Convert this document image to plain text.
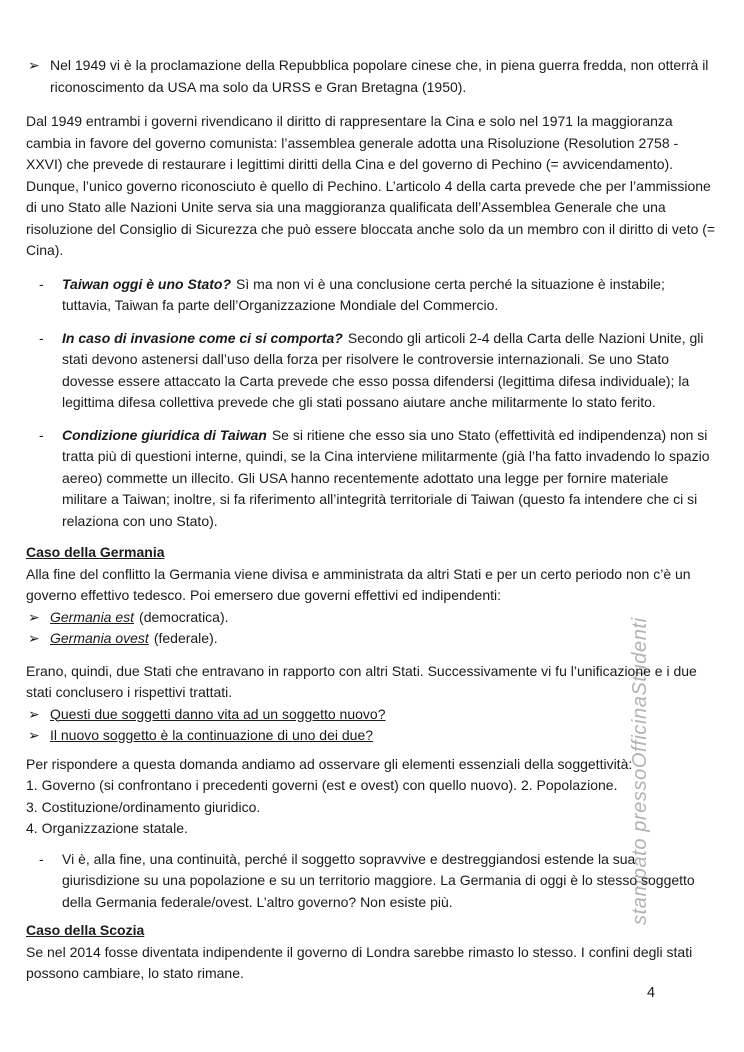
stampato pressoOfficinaStudenti
➢ Nel 1949 vi è la proclamazione della Repubblica popolare cinese che, in piena guerra fredda, non otterrà il riconoscimento da USA ma solo da URSS e Gran Bretagna (1950).
Dal 1949 entrambi i governi rivendicano il diritto di rappresentare la Cina e solo nel 1971 la maggioranza cambia in favore del governo comunista: l’assemblea generale adotta una Risoluzione (Resolution 2758 - XXVI) che prevede di restaurare i legittimi diritti della Cina e del governo di Pechino (= avvicendamento). Dunque, l’unico governo riconosciuto è quello di Pechino. L’articolo 4 della carta prevede che per l’ammissione di uno Stato alle Nazioni Unite serva sia una maggioranza qualificata dell’Assemblea Generale che una risoluzione del Consiglio di Sicurezza che può essere bloccata anche solo da un membro con il diritto di veto (= Cina).
- Taiwan oggi è uno Stato? Sì ma non vi è una conclusione certa perché la situazione è instabile; tuttavia, Taiwan fa parte dell’Organizzazione Mondiale del Commercio.
- In caso di invasione come ci si comporta? Secondo gli articoli 2-4 della Carta delle Nazioni Unite, gli stati devono astenersi dall’uso della forza per risolvere le controversie internazionali. Se uno Stato dovesse essere attaccato la Carta prevede che esso possa difendersi (legittima difesa individuale); la legittima difesa collettiva prevede che gli stati possano aiutare anche militarmente lo stato ferito.
- Condizione giuridica di Taiwan Se si ritiene che esso sia uno Stato (effettività ed indipendenza) non si tratta più di questioni interne, quindi, se la Cina interviene militarmente (già l’ha fatto invadendo lo spazio aereo) commette un illecito. Gli USA hanno recentemente adottato una legge per fornire materiale militare a Taiwan; inoltre, si fa riferimento all’integrità territoriale di Taiwan (questo fa intendere che ci si relaziona con uno Stato).
Caso della Germania
Alla fine del conflitto la Germania viene divisa e amministrata da altri Stati e per un certo periodo non c’è un governo effettivo tedesco. Poi emersero due governi effettivi ed indipendenti:
➢ Germania est (democratica).
➢ Germania ovest (federale).
Erano, quindi, due Stati che entravano in rapporto con altri Stati. Successivamente vi fu l’unificazione e i due stati conclusero i rispettivi trattati.
➢ Questi due soggetti danno vita ad un soggetto nuovo?
➢ Il nuovo soggetto è la continuazione di uno dei due?
Per rispondere a questa domanda andiamo ad osservare gli elementi essenziali della soggettività:
1. Governo (si confrontano i precedenti governi (est e ovest) con quello nuovo). 2. Popolazione.
3. Costituzione/ordinamento giuridico.
4. Organizzazione statale.
- Vi è, alla fine, una continuità, perché il soggetto sopravvive e destreggiandosi estende la sua giurisdizione su una popolazione e su un territorio maggiore. La Germania di oggi è lo stesso soggetto della Germania federale/ovest. L’altro governo? Non esiste più.
Caso della Scozia
Se nel 2014 fosse diventata indipendente il governo di Londra sarebbe rimasto lo stesso. I confini degli stati possono cambiare, lo stato rimane.
4
